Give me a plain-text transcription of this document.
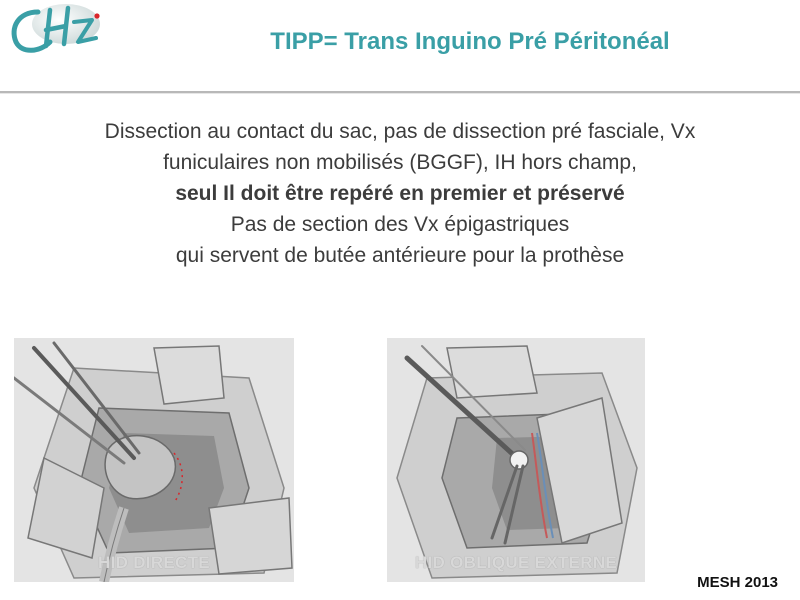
TIPP= Trans Inguino Pré Péritonéal
Dissection au contact du sac, pas de dissection pré fasciale, Vx
funiculaires non mobilisés (BGGF), IH hors champ,
seul Il doit être repéré en premier et préservé
Pas de section des Vx épigastriques
qui servent de butée antérieure pour la prothèse
HID DIRECTE	HID OBLIQUE EXTERNE
MESH 2013
